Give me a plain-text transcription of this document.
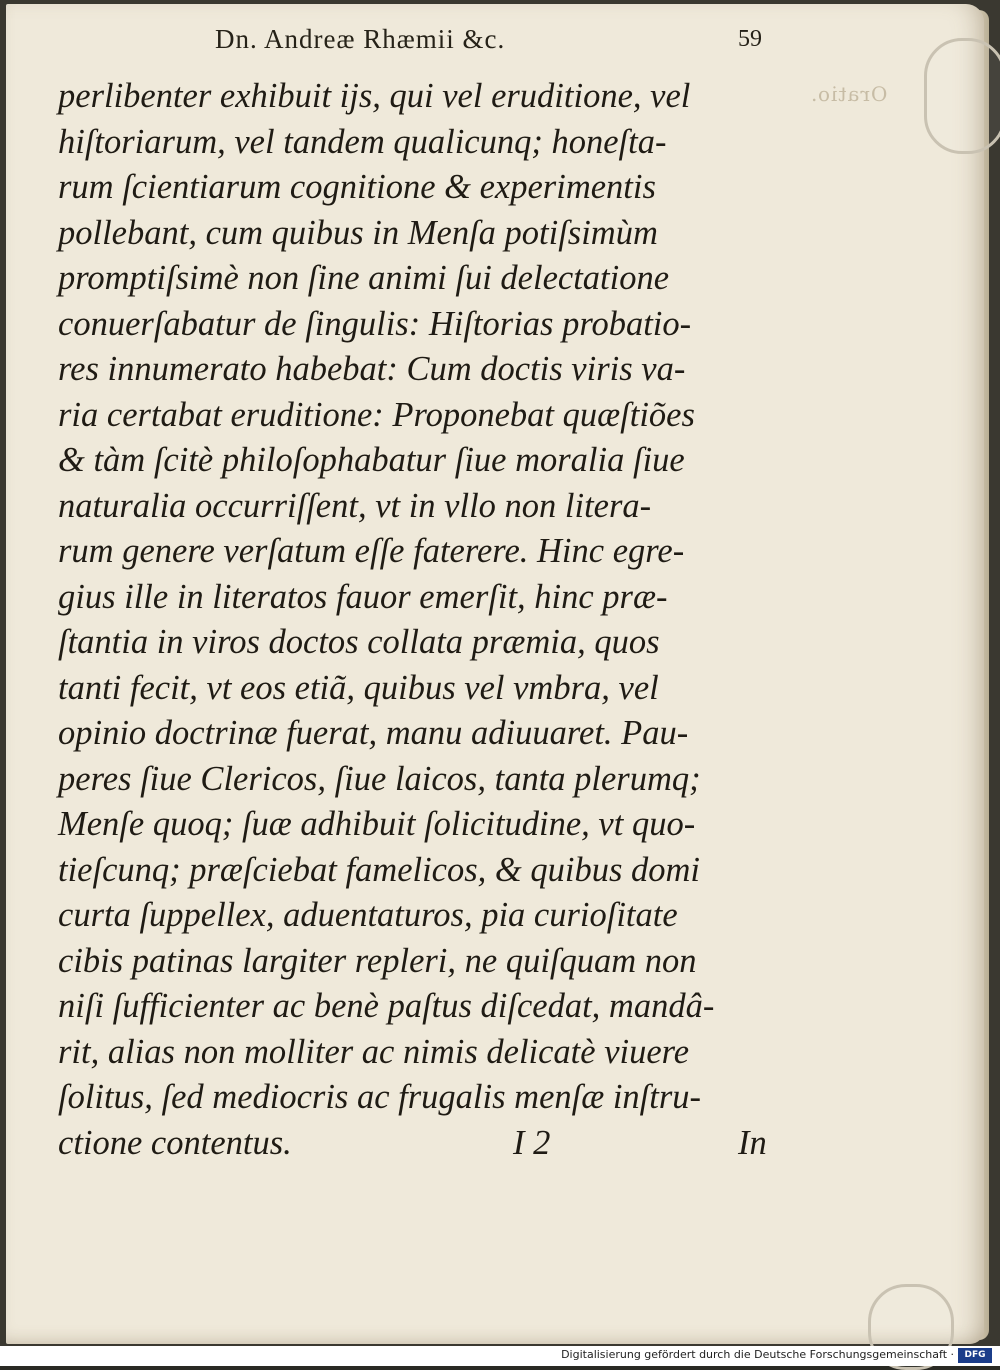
Oratio.
Dn. Andreæ Rhæmii &c.	59
perlibenter exhibuit ijs, qui vel eruditione, vel
hiſtoriarum, vel tandem qualicunq; honeſta-
rum ſcientiarum cognitione & experimentis
pollebant, cum quibus in Menſa potiſsimùm
promptiſsimè non ſine animi ſui delectatione
conuerſabatur de ſingulis: Hiſtorias probatio-
res innumerato habebat: Cum doctis viris va-
ria certabat eruditione: Proponebat quæſtiões
& tàm ſcitè philoſophabatur ſiue moralia ſiue
naturalia occurriſſent, vt in vllo non litera-
rum genere verſatum eſſe faterere. Hinc egre-
gius ille in literatos fauor emerſit, hinc præ-
ſtantia in viros doctos collata præmia, quos
tanti fecit, vt eos etiã, quibus vel vmbra, vel
opinio doctrinæ fuerat, manu adiuuaret. Pau-
peres ſiue Clericos, ſiue laicos, tanta plerumq;
Menſe quoq; ſuæ adhibuit ſolicitudine, vt quo-
tieſcunq; præſciebat famelicos, & quibus domi
curta ſuppellex, aduentaturos, pia curioſitate
cibis patinas largiter repleri, ne quiſquam non
niſi ſufficienter ac benè paſtus diſcedat, mandâ-
rit, alias non molliter ac nimis delicatè viuere
ſolitus, ſed mediocris ac frugalis menſæ inſtru-
ctione contentus.	I 2	In
Digitalisierung gefördert durch die Deutsche Forschungsgemeinschaft ·	DFG
